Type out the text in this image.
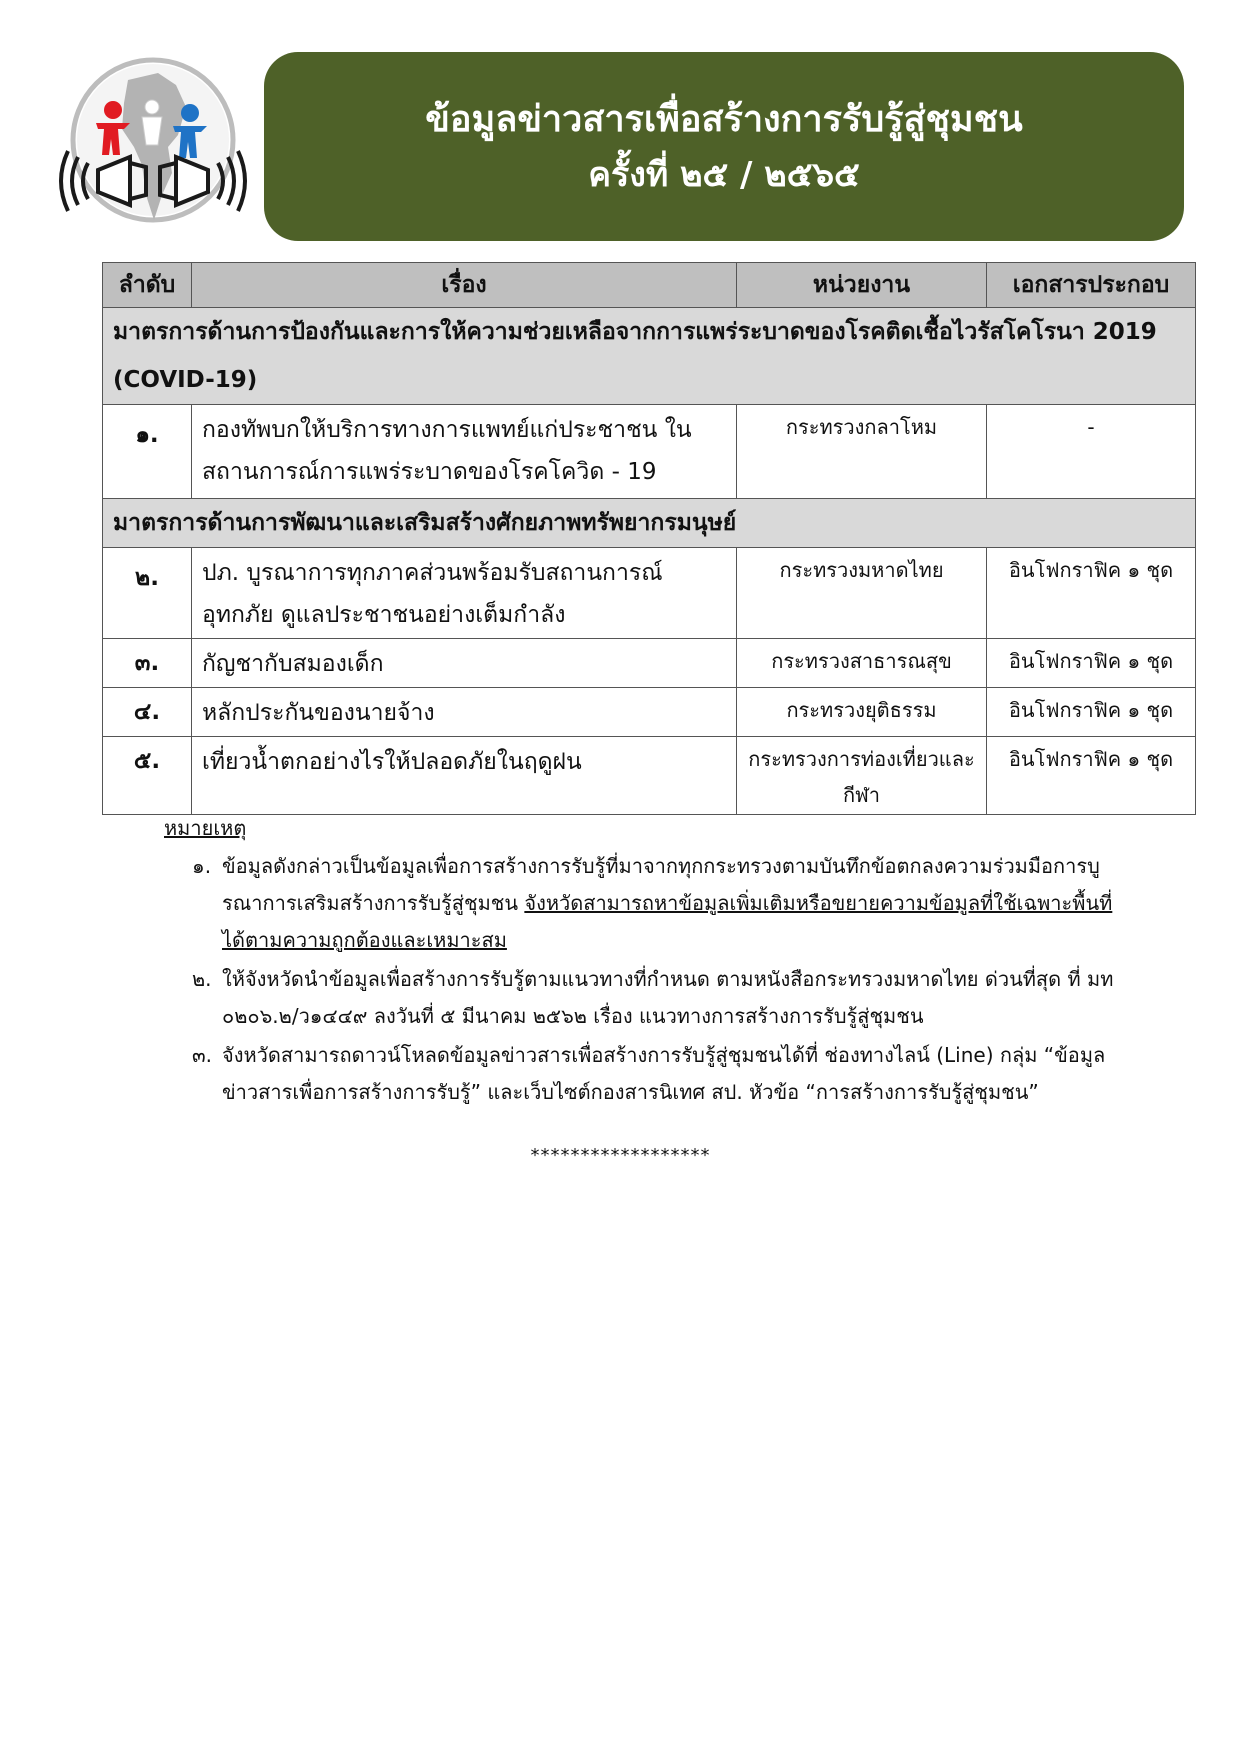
ข้อมูลข่าวสารเพื่อสร้างการรับรู้สู่ชุมชน
ครั้งที่ ๒๕ / ๒๕๖๕
ลำดับ	เรื่อง	หน่วยงาน	เอกสารประกอบ
มาตรการด้านการป้องกันและการให้ความช่วยเหลือจากการแพร่ระบาดของโรคติดเชื้อไวรัสโคโรนา 2019 (COVID-19)			
๑.	กองทัพบกให้บริการทางการแพทย์แก่ประชาชน ในสถานการณ์การแพร่ระบาดของโรคโควิด - 19	กระทรวงกลาโหม	-
มาตรการด้านการพัฒนาและเสริมสร้างศักยภาพทรัพยากรมนุษย์			
๒.	ปภ. บูรณาการทุกภาคส่วนพร้อมรับสถานการณ์อุทกภัย ดูแลประชาชนอย่างเต็มกำลัง	กระทรวงมหาดไทย	อินโฟกราฟิค ๑ ชุด
๓.	กัญชากับสมองเด็ก	กระทรวงสาธารณสุข	อินโฟกราฟิค ๑ ชุด
๔.	หลักประกันของนายจ้าง	กระทรวงยุติธรรม	อินโฟกราฟิค ๑ ชุด
๕.	เที่ยวน้ำตกอย่างไรให้ปลอดภัยในฤดูฝน	กระทรวงการท่องเที่ยวและกีฬา	อินโฟกราฟิค ๑ ชุด
หมายเหตุ
๑. ข้อมูลดังกล่าวเป็นข้อมูลเพื่อการสร้างการรับรู้ที่มาจากทุกกระทรวงตามบันทึกข้อตกลงความร่วมมือการบูรณาการเสริมสร้างการรับรู้สู่ชุมชน จังหวัดสามารถหาข้อมูลเพิ่มเติมหรือขยายความข้อมูลที่ใช้เฉพาะพื้นที่ได้ตามความถูกต้องและเหมาะสม
๒. ให้จังหวัดนำข้อมูลเพื่อสร้างการรับรู้ตามแนวทางที่กำหนด ตามหนังสือกระทรวงมหาดไทย ด่วนที่สุด ที่ มท ๐๒๐๖.๒/ว๑๔๔๙ ลงวันที่ ๕ มีนาคม ๒๕๖๒ เรื่อง แนวทางการสร้างการรับรู้สู่ชุมชน
๓. จังหวัดสามารถดาวน์โหลดข้อมูลข่าวสารเพื่อสร้างการรับรู้สู่ชุมชนได้ที่ ช่องทางไลน์ (Line) กลุ่ม “ข้อมูลข่าวสารเพื่อการสร้างการรับรู้” และเว็บไซต์กองสารนิเทศ สป. หัวข้อ “การสร้างการรับรู้สู่ชุมชน”
******************
